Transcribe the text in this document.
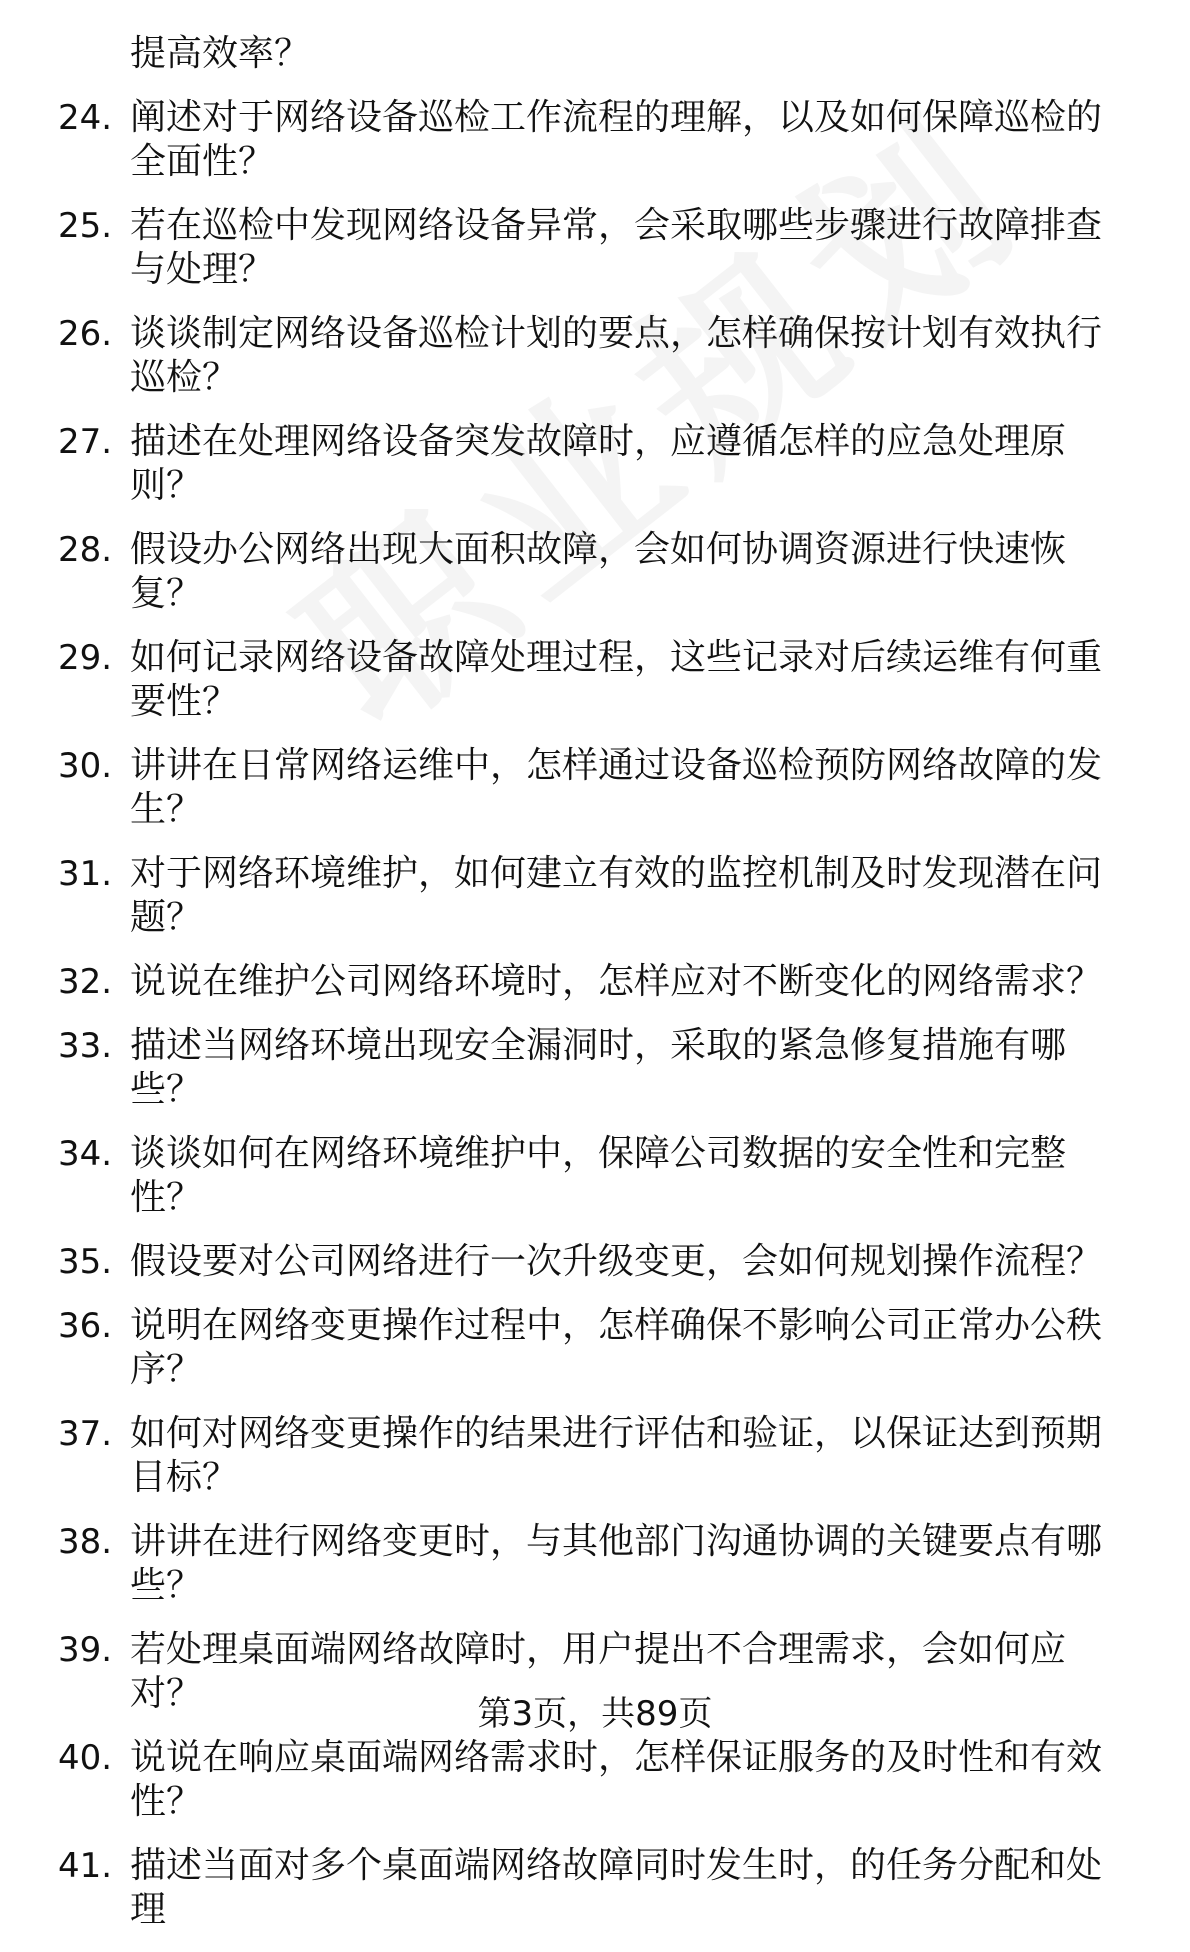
提高效率？
24. 阐述对于网络设备巡检工作流程的理解，以及如何保障巡检的全面性？
25. 若在巡检中发现网络设备异常，会采取哪些步骤进行故障排查与处理？
26. 谈谈制定网络设备巡检计划的要点，怎样确保按计划有效执行巡检？
27. 描述在处理网络设备突发故障时，应遵循怎样的应急处理原则？
28. 假设办公网络出现大面积故障，会如何协调资源进行快速恢复？
29. 如何记录网络设备故障处理过程，这些记录对后续运维有何重要性？
30. 讲讲在日常网络运维中，怎样通过设备巡检预防网络故障的发生？
31. 对于网络环境维护，如何建立有效的监控机制及时发现潜在问题？
32. 说说在维护公司网络环境时，怎样应对不断变化的网络需求？
33. 描述当网络环境出现安全漏洞时，采取的紧急修复措施有哪些？
34. 谈谈如何在网络环境维护中，保障公司数据的安全性和完整性？
35. 假设要对公司网络进行一次升级变更，会如何规划操作流程？
36. 说明在网络变更操作过程中，怎样确保不影响公司正常办公秩序？
37. 如何对网络变更操作的结果进行评估和验证，以保证达到预期目标？
38. 讲讲在进行网络变更时，与其他部门沟通协调的关键要点有哪些？
39. 若处理桌面端网络故障时，用户提出不合理需求，会如何应对？
40. 说说在响应桌面端网络需求时，怎样保证服务的及时性和有效性？
41. 描述当面对多个桌面端网络故障同时发生时，的任务分配和处理
第3页，共89页
